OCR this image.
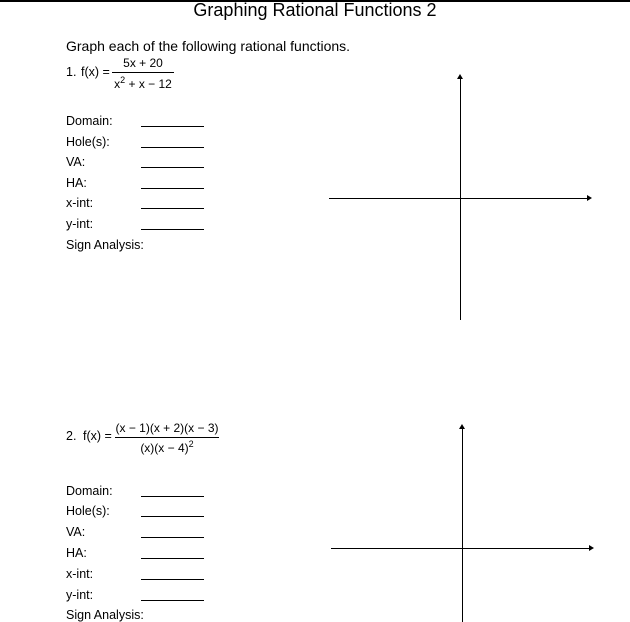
Graphing Rational Functions 2
Graph each of the following rational functions.
1. f(x) =
5x + 20
$x^2 + x - 12$
Domain:
Hole(s):
VA:
HA:
x-int:
y-int:
Sign Analysis:
2. f(x) =
(x − 1)(x + 2)(x − 3)
$(x)(x - 4)^2$
Domain:
Hole(s):
VA:
HA:
x-int:
y-int:
Sign Analysis:
